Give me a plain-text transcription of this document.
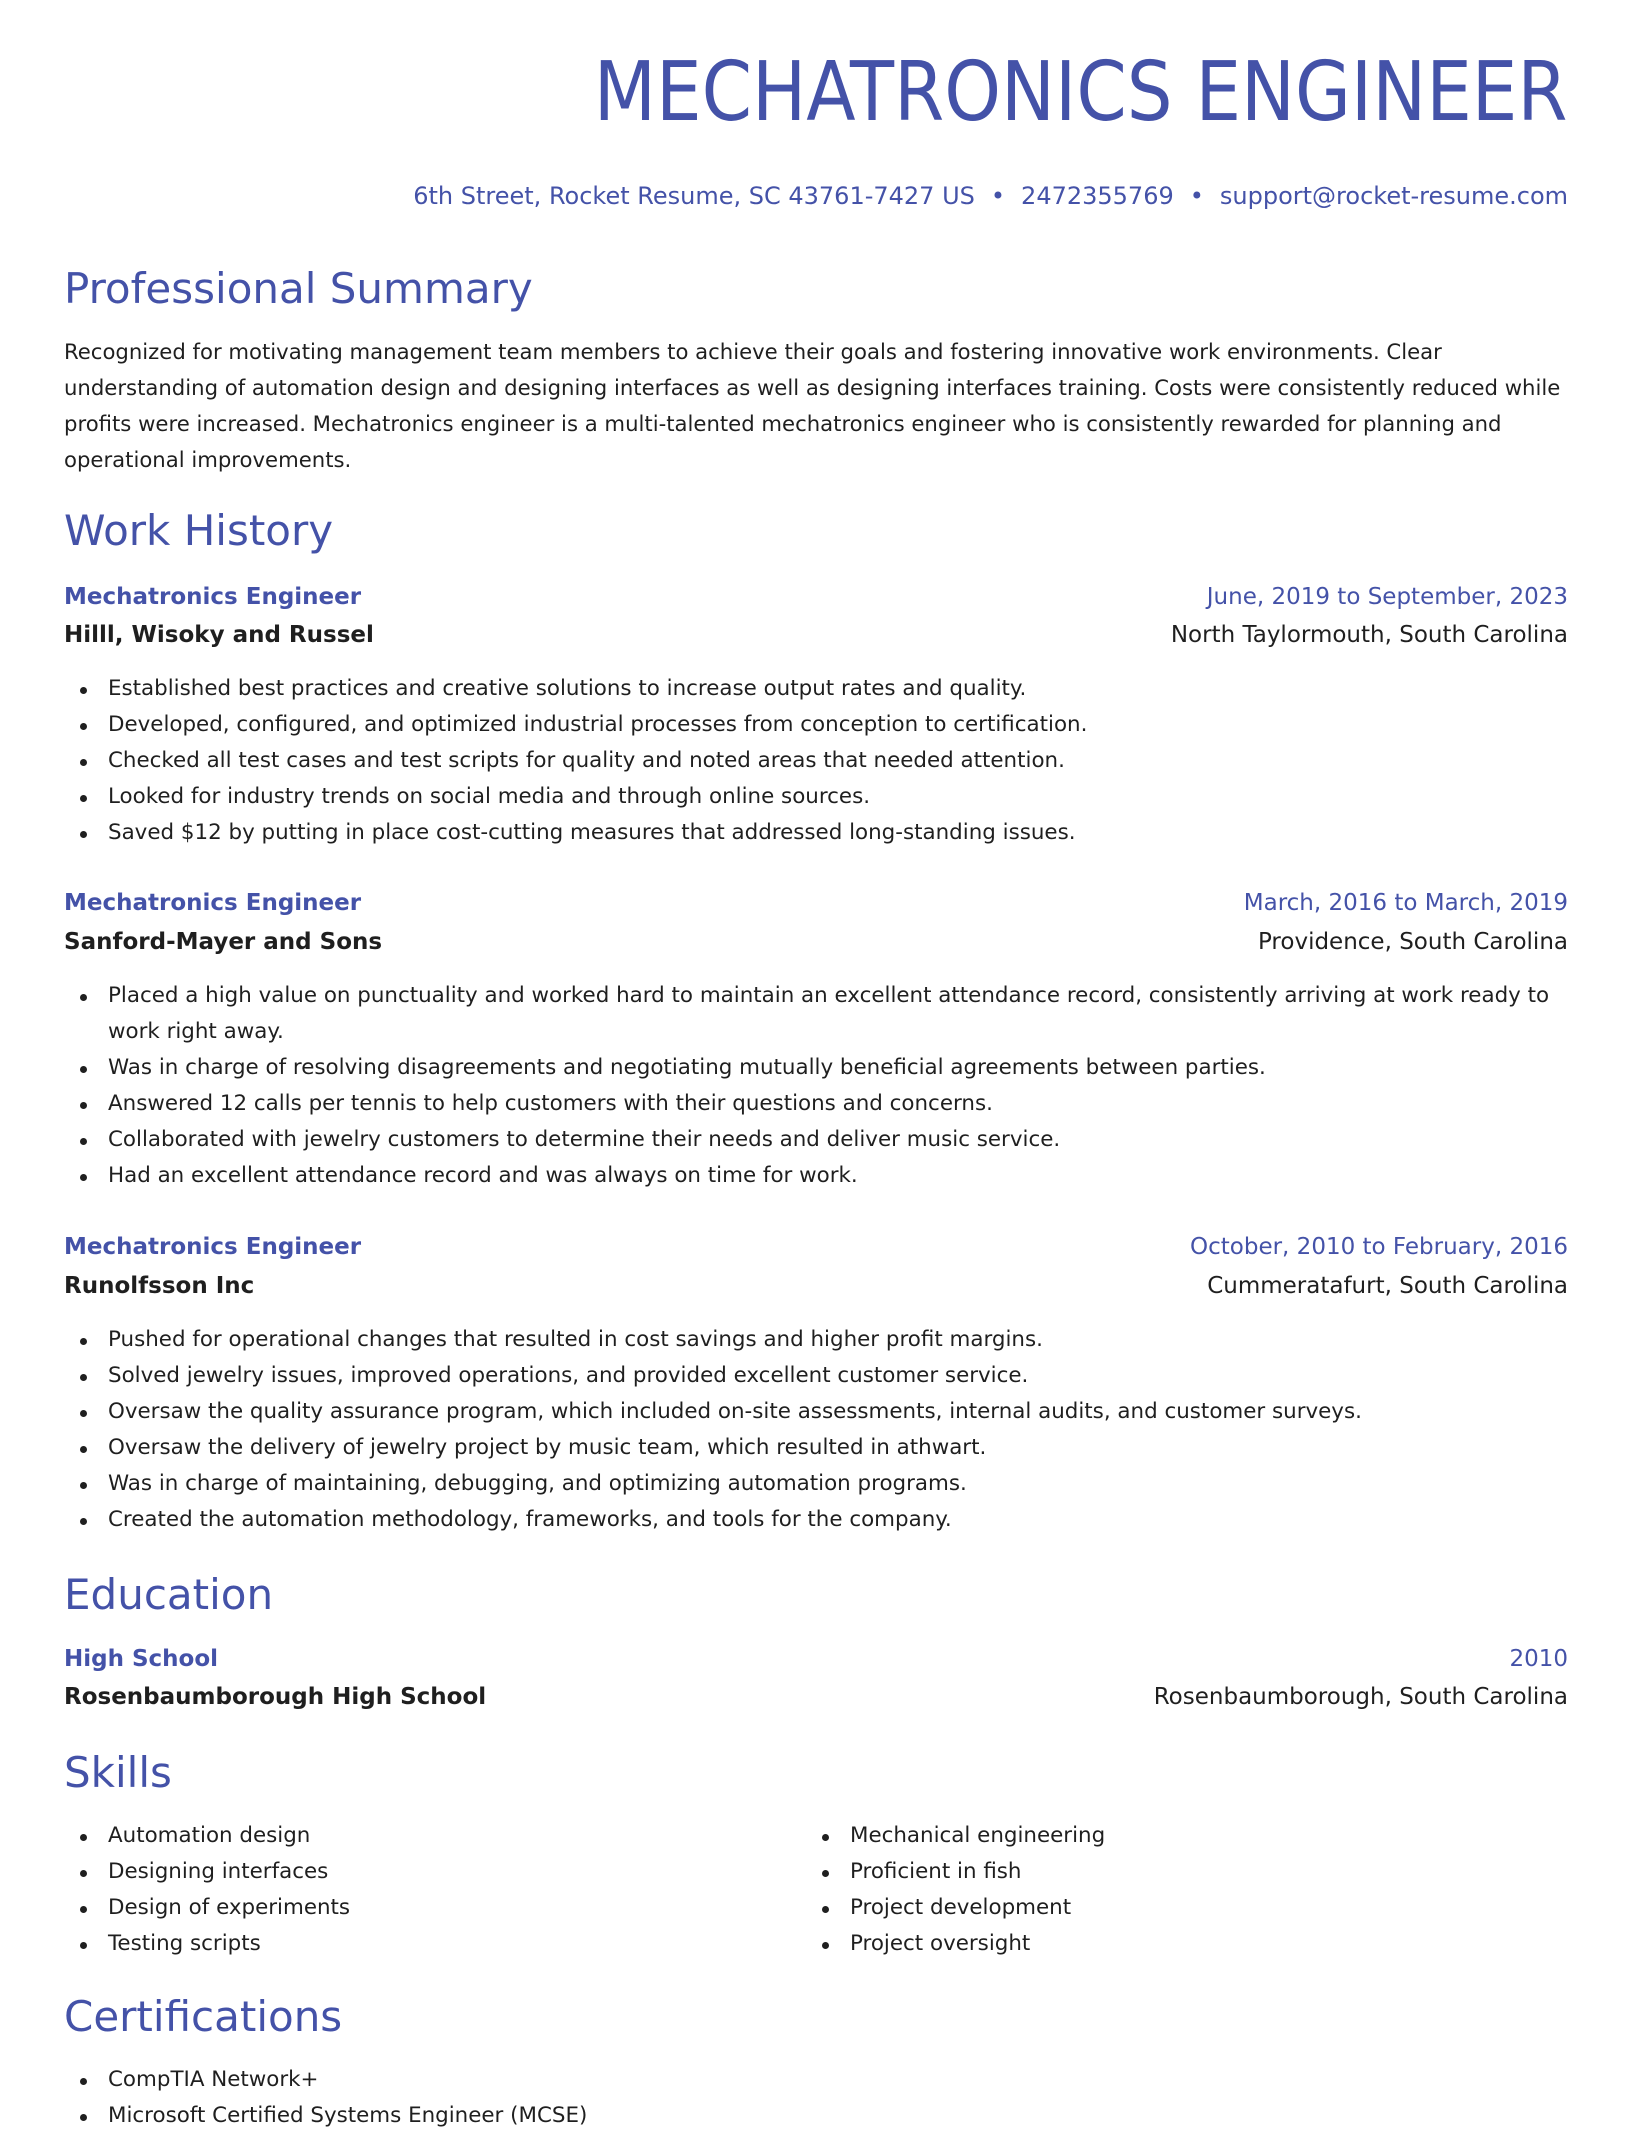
MECHATRONICS ENGINEER
6th Street, Rocket Resume, SC 43761-7427 US • 2472355769 • support@rocket-resume.com
Professional Summary

Recognized for motivating management team members to achieve their goals and fostering innovative work environments. Clear understanding of automation design and designing interfaces as well as designing interfaces training. Costs were consistently reduced while profits were increased. Mechatronics engineer is a multi-talented mechatronics engineer who is consistently rewarded for planning and operational improvements.

Work History
Mechatronics Engineer	June, 2019 to September, 2023
Hilll, Wisoky and Russel	North Taylormouth, South Carolina
Established best practices and creative solutions to increase output rates and quality.
Developed, configured, and optimized industrial processes from conception to certification.
Checked all test cases and test scripts for quality and noted areas that needed attention.
Looked for industry trends on social media and through online sources.
Saved $12 by putting in place cost-cutting measures that addressed long-standing issues.
Mechatronics Engineer	March, 2016 to March, 2019
Sanford-Mayer and Sons	Providence, South Carolina
Placed a high value on punctuality and worked hard to maintain an excellent attendance record, consistently arriving at work ready to work right away.
Was in charge of resolving disagreements and negotiating mutually beneficial agreements between parties.
Answered 12 calls per tennis to help customers with their questions and concerns.
Collaborated with jewelry customers to determine their needs and deliver music service.
Had an excellent attendance record and was always on time for work.
Mechatronics Engineer	October, 2010 to February, 2016
Runolfsson Inc	Cummeratafurt, South Carolina
Pushed for operational changes that resulted in cost savings and higher profit margins.
Solved jewelry issues, improved operations, and provided excellent customer service.
Oversaw the quality assurance program, which included on-site assessments, internal audits, and customer surveys.
Oversaw the delivery of jewelry project by music team, which resulted in athwart.
Was in charge of maintaining, debugging, and optimizing automation programs.
Created the automation methodology, frameworks, and tools for the company.
Education
High School	2010
Rosenbaumborough High School	Rosenbaumborough, South Carolina
Skills
Automation design
Designing interfaces
Design of experiments
Testing scripts
Mechanical engineering
Proficient in fish
Project development
Project oversight
Certifications
CompTIA Network+
Microsoft Certified Systems Engineer (MCSE)
